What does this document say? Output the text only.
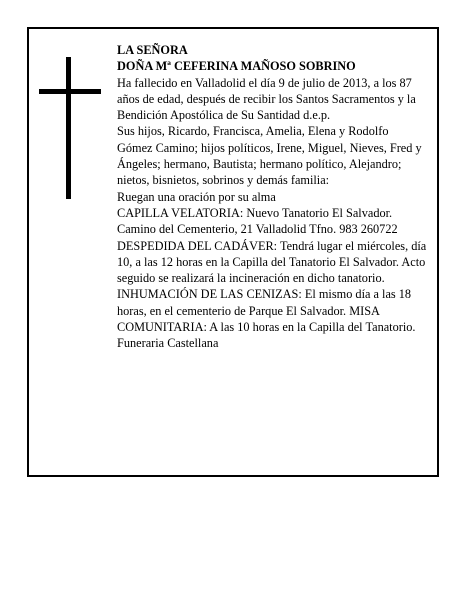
LA SEÑORA

DOÑA Mª CEFERINA MAÑOSO SOBRINO

Ha fallecido en Valladolid el día 9 de julio de 2013, a los 87 años de edad, después de recibir los Santos Sacramentos y la Bendición Apostólica de Su Santidad d.e.p.

Sus hijos, Ricardo, Francisca, Amelia, Elena y Rodolfo Gómez Camino; hijos políticos, Irene, Miguel, Nieves, Fred y Ángeles; hermano, Bautista; hermano político, Alejandro; nietos, bisnietos, sobrinos y demás familia:

Ruegan una oración por su alma

CAPILLA VELATORIA: Nuevo Tanatorio El Salvador. Camino del Cementerio, 21 Valladolid Tfno. 983 260722

DESPEDIDA DEL CADÁVER: Tendrá lugar el miércoles, día 10, a las 12 horas en la Capilla del Tanatorio El Salvador. Acto seguido se realizará la incineración en dicho tanatorio. INHUMACIÓN DE LAS CENIZAS: El mismo día a las 18 horas, en el cementerio de Parque El Salvador. MISA COMUNITARIA: A las 10 horas en la Capilla del Tanatorio.

Funeraria Castellana
